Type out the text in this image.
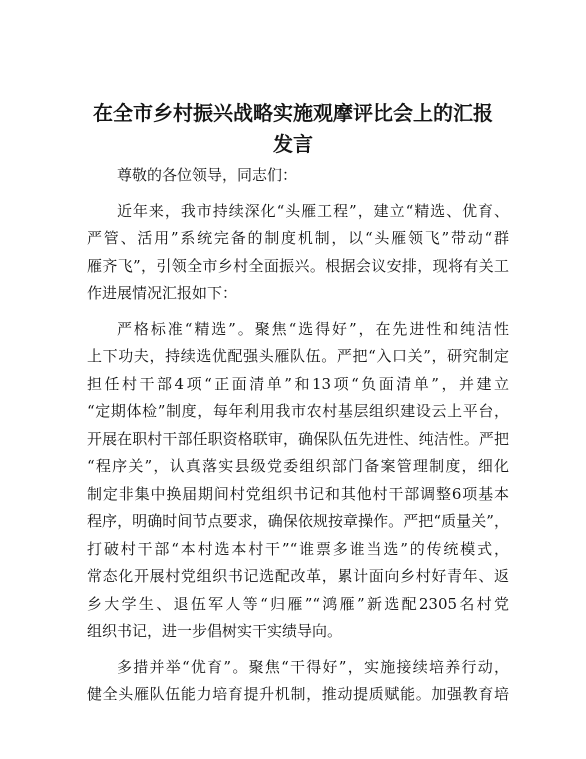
在全市乡村振兴战略实施观摩评比会上的汇报
发言

尊敬的各位领导，同志们：

近年来，我市持续深化“头雁工程”，建立“精选、优育、
严管、活用”系统完备的制度机制，以“头雁领飞”带动“群
雁齐飞”，引领全市乡村全面振兴。根据会议安排，现将有关工
作进展情况汇报如下：

严格标准“精选”。聚焦“选得好”，在先进性和纯洁性
上下功夫，持续选优配强头雁队伍。严把“入口关”，研究制定
担任村干部4项“正面清单”和13项“负面清单”，并建立
“定期体检”制度，每年利用我市农村基层组织建设云上平台，
开展在职村干部任职资格联审，确保队伍先进性、纯洁性。严把
“程序关”，认真落实县级党委组织部门备案管理制度，细化
制定非集中换届期间村党组织书记和其他村干部调整6项基本
程序，明确时间节点要求，确保依规按章操作。严把“质量关”，
打破村干部“本村选本村干”“谁票多谁当选”的传统模式，
常态化开展村党组织书记选配改革，累计面向乡村好青年、返
乡大学生、退伍军人等“归雁”“鸿雁”新选配2305名村党
组织书记，进一步倡树实干实绩导向。

多措并举“优育”。聚焦“干得好”，实施接续培养行动，
健全头雁队伍能力培育提升机制，推动提质赋能。加强教育培
